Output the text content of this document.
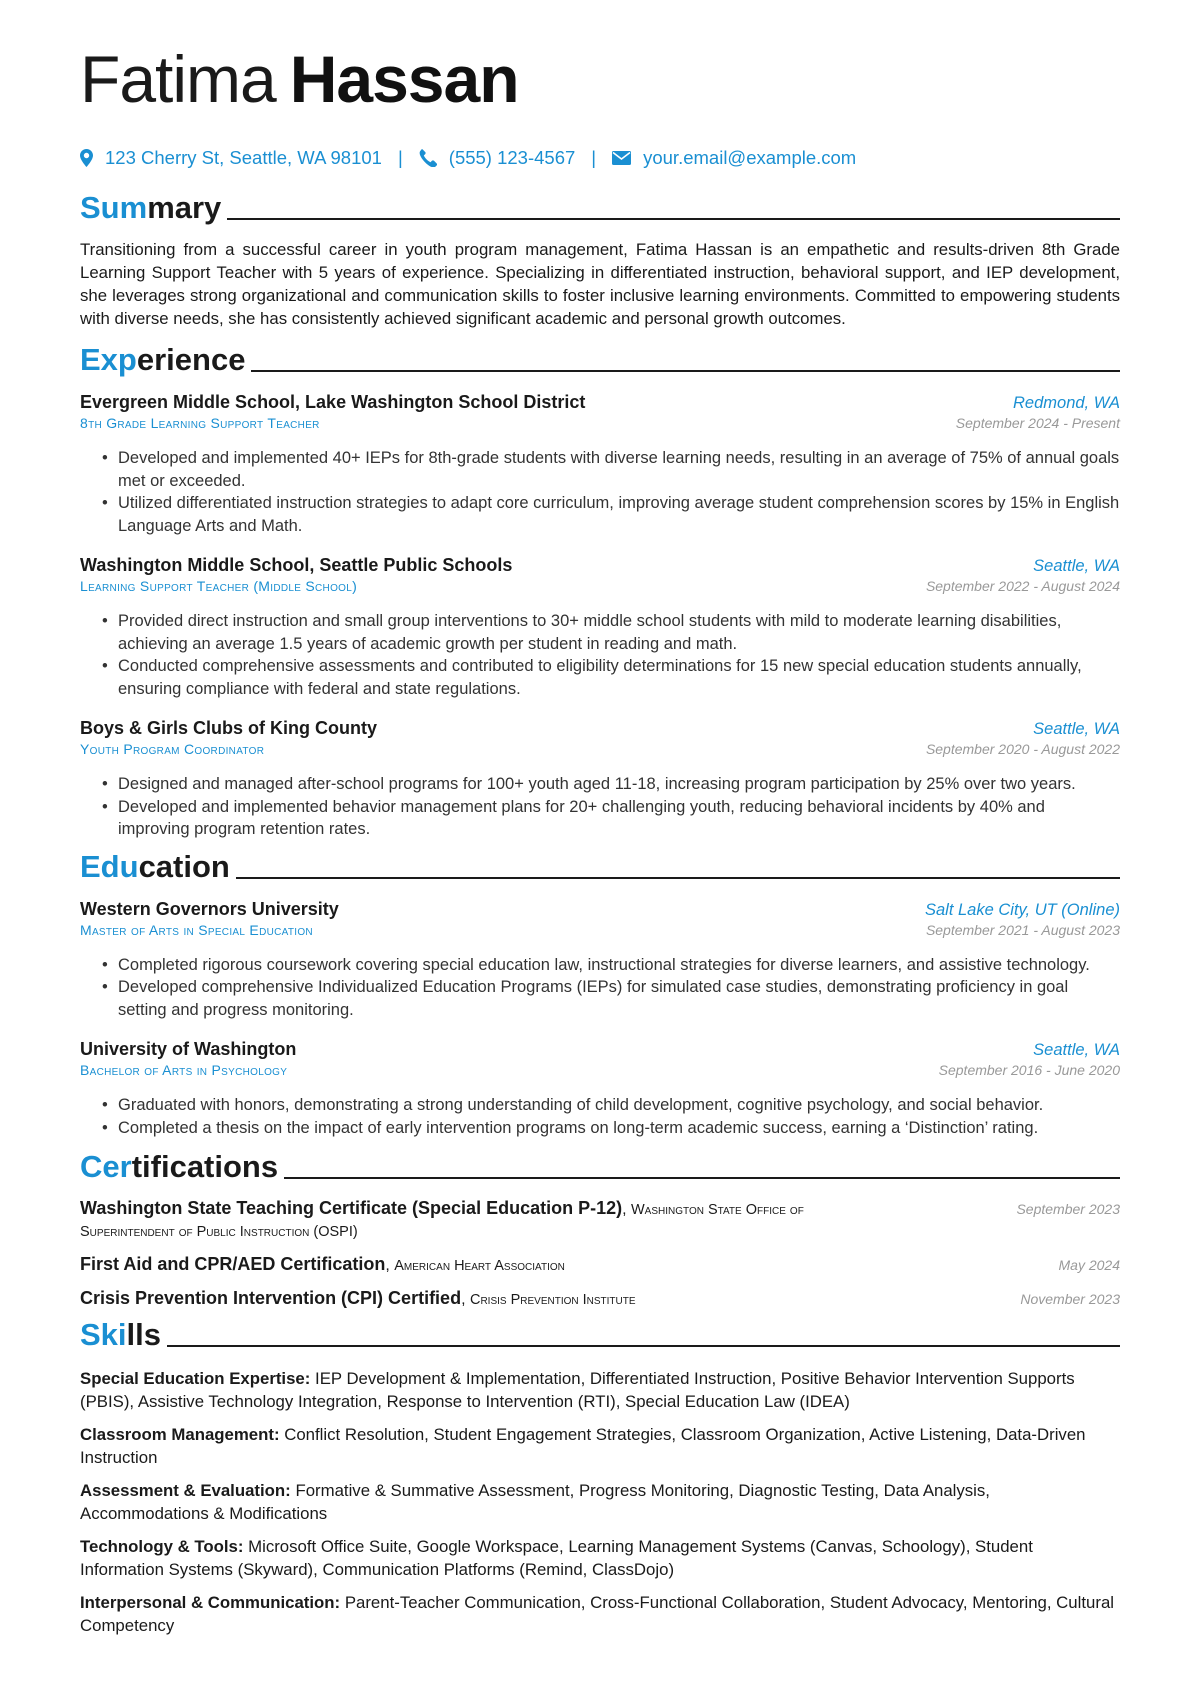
Fatima Hassan
123 Cherry St, Seattle, WA 98101 | (555) 123-4567 |	your.email@example.com
Summary
Transitioning from a successful career in youth program management, Fatima Hassan is an empathetic and results-driven 8th Grade Learning Support Teacher with 5 years of experience. Specializing in differentiated instruction, behavioral support, and IEP development, she leverages strong organizational and communication skills to foster inclusive learning environments. Committed to empowering students with diverse needs, she has consistently achieved significant academic and personal growth outcomes.
Experience
Evergreen Middle School, Lake Washington School District	Redmond, WA
8th Grade Learning Support Teacher	September 2024 - Present
• Developed and implemented 40+ IEPs for 8th-grade students with diverse learning needs, resulting in an average of 75% of annual goals met or exceeded.
• Utilized differentiated instruction strategies to adapt core curriculum, improving average student comprehension scores by 15% in English Language Arts and Math.
Washington Middle School, Seattle Public Schools	Seattle, WA
Learning Support Teacher (Middle School)	September 2022 - August 2024
• Provided direct instruction and small group interventions to 30+ middle school students with mild to moderate learning disabilities, achieving an average 1.5 years of academic growth per student in reading and math.
• Conducted comprehensive assessments and contributed to eligibility determinations for 15 new special education students annually, ensuring compliance with federal and state regulations.
Boys & Girls Clubs of King County	Seattle, WA
Youth Program Coordinator	September 2020 - August 2022
• Designed and managed after-school programs for 100+ youth aged 11-18, increasing program participation by 25% over two years.
• Developed and implemented behavior management plans for 20+ challenging youth, reducing behavioral incidents by 40% and improving program retention rates.
Education
Western Governors University	Salt Lake City, UT (Online)
Master of Arts in Special Education	September 2021 - August 2023
• Completed rigorous coursework covering special education law, instructional strategies for diverse learners, and assistive technology.
• Developed comprehensive Individualized Education Programs (IEPs) for simulated case studies, demonstrating proficiency in goal setting and progress monitoring.
University of Washington	Seattle, WA
Bachelor of Arts in Psychology	September 2016 - June 2020
• Graduated with honors, demonstrating a strong understanding of child development, cognitive psychology, and social behavior.
• Completed a thesis on the impact of early intervention programs on long-term academic success, earning a ‘Distinction’ rating.
Certifications
Washington State Teaching Certificate (Special Education P-12), Washington State Office of Superintendent of Public Instruction (OSPI)
September 2023
First Aid and CPR/AED Certification, American Heart Association	May 2024
Crisis Prevention Intervention (CPI) Certified, Crisis Prevention Institute	November 2023
Skills
Special Education Expertise: IEP Development & Implementation, Differentiated Instruction, Positive Behavior Intervention Supports (PBIS), Assistive Technology Integration, Response to Intervention (RTI), Special Education Law (IDEA)
Classroom Management: Conflict Resolution, Student Engagement Strategies, Classroom Organization, Active Listening, Data-Driven Instruction
Assessment & Evaluation: Formative & Summative Assessment, Progress Monitoring, Diagnostic Testing, Data Analysis, Accommodations & Modifications
Technology & Tools: Microsoft Office Suite, Google Workspace, Learning Management Systems (Canvas, Schoology), Student Information Systems (Skyward), Communication Platforms (Remind, ClassDojo)
Interpersonal & Communication: Parent-Teacher Communication, Cross-Functional Collaboration, Student Advocacy, Mentoring, Cultural Competency
